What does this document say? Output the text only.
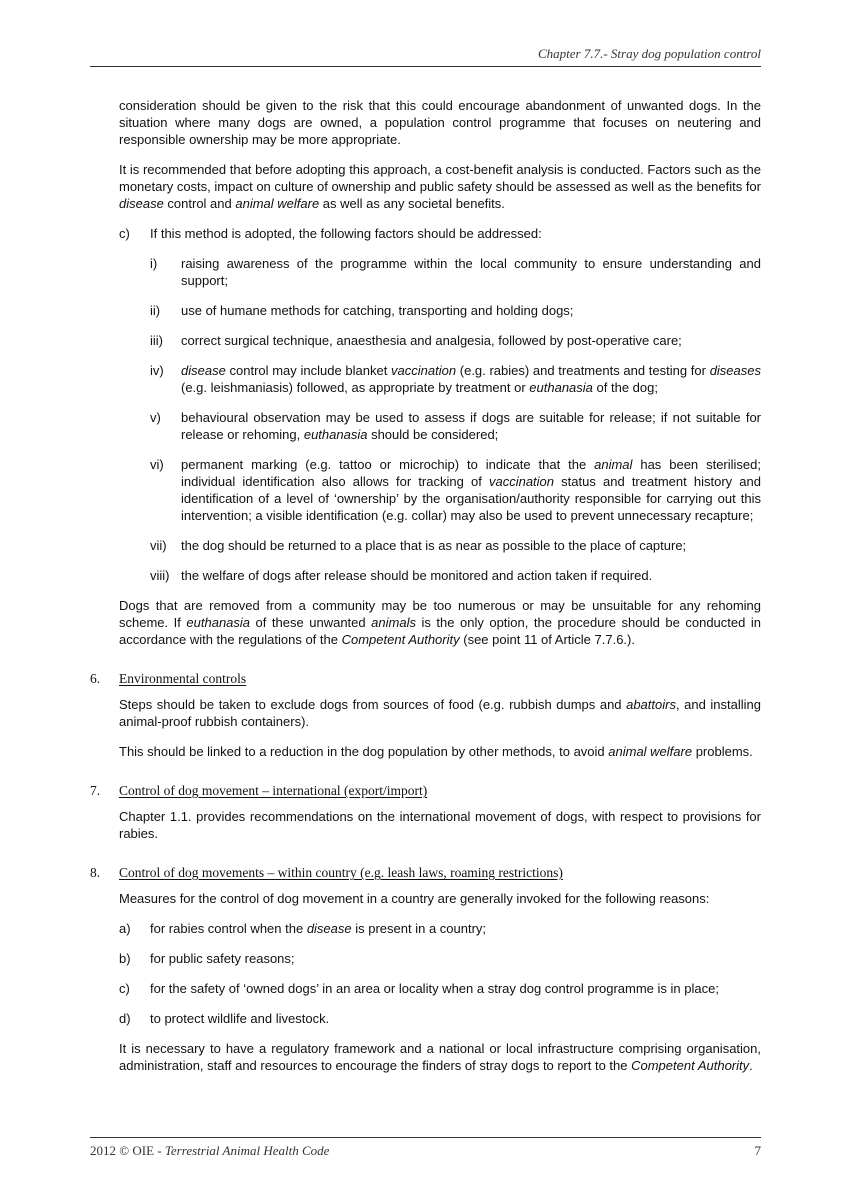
Chapter 7.7.- Stray dog population control

consideration should be given to the risk that this could encourage abandonment of unwanted dogs. In the situation where many dogs are owned, a population control programme that focuses on neutering and responsible ownership may be more appropriate.

It is recommended that before adopting this approach, a cost-benefit analysis is conducted. Factors such as the monetary costs, impact on culture of ownership and public safety should be assessed as well as the benefits for disease control and animal welfare as well as any societal benefits.

c) If this method is adopted, the following factors should be addressed:
i) raising awareness of the programme within the local community to ensure understanding and support;
ii) use of humane methods for catching, transporting and holding dogs;
iii) correct surgical technique, anaesthesia and analgesia, followed by post-operative care;
iv) disease control may include blanket vaccination (e.g. rabies) and treatments and testing for diseases (e.g. leishmaniasis) followed, as appropriate by treatment or euthanasia of the dog;
v) behavioural observation may be used to assess if dogs are suitable for release; if not suitable for release or rehoming, euthanasia should be considered;
vi) permanent marking (e.g. tattoo or microchip) to indicate that the animal has been sterilised; individual identification also allows for tracking of vaccination status and treatment history and identification of a level of ‘ownership’ by the organisation/authority responsible for carrying out this intervention; a visible identification (e.g. collar) may also be used to prevent unnecessary recapture;
vii) the dog should be returned to a place that is as near as possible to the place of capture;
viii) the welfare of dogs after release should be monitored and action taken if required.

Dogs that are removed from a community may be too numerous or may be unsuitable for any rehoming scheme. If euthanasia of these unwanted animals is the only option, the procedure should be conducted in accordance with the regulations of the Competent Authority (see point 11 of Article 7.7.6.).

6. Environmental controls

Steps should be taken to exclude dogs from sources of food (e.g. rubbish dumps and abattoirs, and installing animal-proof rubbish containers).

This should be linked to a reduction in the dog population by other methods, to avoid animal welfare problems.

7. Control of dog movement – international (export/import)

Chapter 1.1. provides recommendations on the international movement of dogs, with respect to provisions for rabies.

8. Control of dog movements – within country (e.g. leash laws, roaming restrictions)

Measures for the control of dog movement in a country are generally invoked for the following reasons:

a) for rabies control when the disease is present in a country;
b) for public safety reasons;
c) for the safety of ‘owned dogs’ in an area or locality when a stray dog control programme is in place;
d) to protect wildlife and livestock.

It is necessary to have a regulatory framework and a national or local infrastructure comprising organisation, administration, staff and resources to encourage the finders of stray dogs to report to the Competent Authority.

2012 © OIE - Terrestrial Animal Health Code	7
